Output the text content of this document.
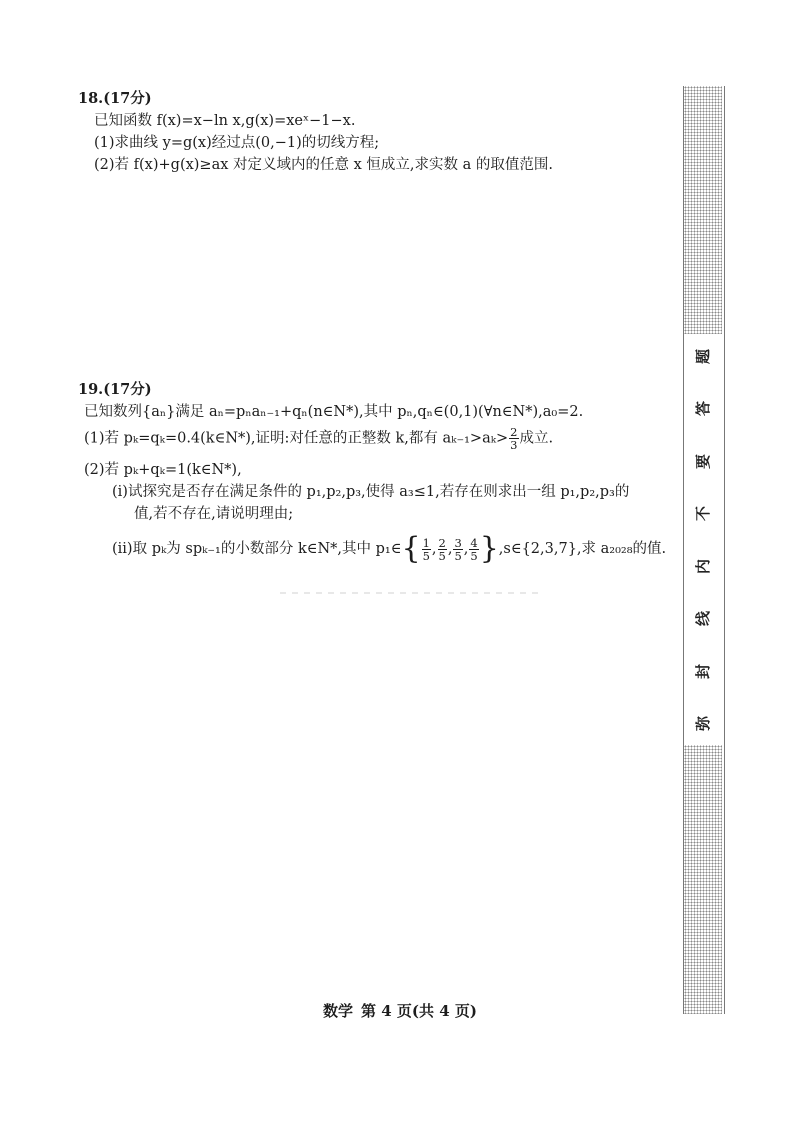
18.(17分)
已知函数 f(x)=x−ln x,g(x)=xeˣ−1−x.
(1)求曲线 y=g(x)经过点(0,−1)的切线方程;
(2)若 f(x)+g(x)≥ax 对定义域内的任意 x 恒成立,求实数 a 的取值范围.
19.(17分)
已知数列{aₙ}满足 aₙ=pₙaₙ₋₁+qₙ(n∈N*),其中 pₙ,qₙ∈(0,1)(∀n∈N*),a₀=2.
(1)若 pₖ=qₖ=0.4(k∈N*),证明:对任意的正整数 k,都有 $a_{k-1}>a_k> \frac{2}{3}$ 成立.
(2)若 pₖ+qₖ=1(k∈N*),
(ⅰ)试探究是否存在满足条件的 p₁,p₂,p₃,使得 a₃≤1,若存在则求出一组 p₁,p₂,p₃的
值,若不存在,请说明理由;
(ⅱ)取 pₖ为 spₖ₋₁的小数部分 k∈N*,其中 p₁∈ { $\frac{1}{5}$ , $\frac{2}{5}$ , $\frac{3}{5}$ , $\frac{4}{5}$ } ,s∈{2,3,7},求 a₂₀₂₈的值.
弥
封
线
内
不
要
答
题
数学 第 4 页(共 4 页)
